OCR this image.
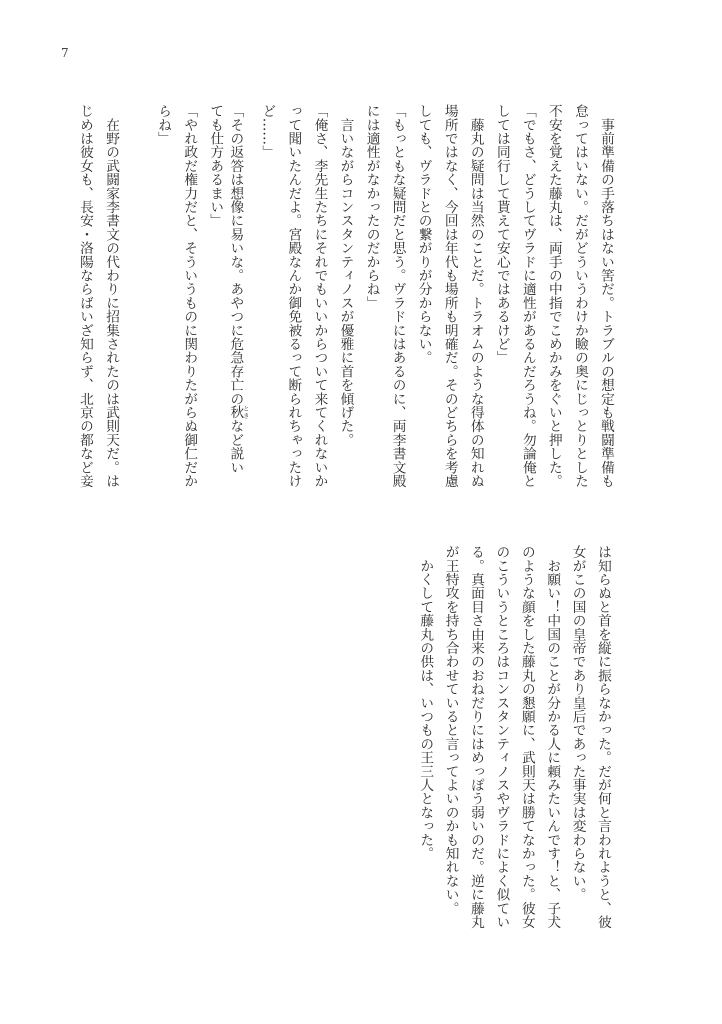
7
　事前準備の手落ちはない筈だ。トラブルの想定も戦闘準備も
怠ってはいない。だがどういうわけか瞼の奥にじっとりとした
不安を覚えた藤丸は、両手の中指でこめかみをぐいと押した。
「でもさ、どうしてヴラドに適性があるんだろうね。勿論俺と
しては同行して貰えて安心ではあるけど」
　藤丸の疑問は当然のことだ。トラオムのような得体の知れぬ
場所ではなく、今回は年代も場所も明確だ。そのどちらを考慮
しても、ヴラドとの繋がりが分からない。
「もっともな疑問だと思う。ヴラドにはあるのに、両李書文殿
には適性がなかったのだからね」
　言いながらコンスタンティノスが優雅に首を傾げた。
「俺さ、李先生たちにそれでもいいからついて来てくれないか
って聞いたんだよ。宮殿なんか御免被るって断られちゃったけ
ど……」
「その返答は想像に易いな。あやつに危急存亡の秋ときなど説い
ても仕方あるまい」
「やれ政だ権力だと、そういうものに関わりたがらぬ御仁だか
らね」
　在野の武闘家李書文の代わりに招集されたのは武則天だ。は
じめは彼女も、長安・洛陽ならばいざ知らず、北京の都など妾
は知らぬと首を縦に振らなかった。だが何と言われようと、彼
女がこの国の皇帝であり皇后であった事実は変わらない。
　お願い！中国のことが分かる人に頼みたいんです！と、子犬
のような顔をした藤丸の懇願に、武則天は勝てなかった。彼女
のこういうところはコンスタンティノスやヴラドによく似てい
る。真面目さ由来のおねだりにはめっぽう弱いのだ。逆に藤丸
が王特攻を持ち合わせていると言ってよいのかも知れない。
　かくして藤丸の供は、いつもの王三人となった。
